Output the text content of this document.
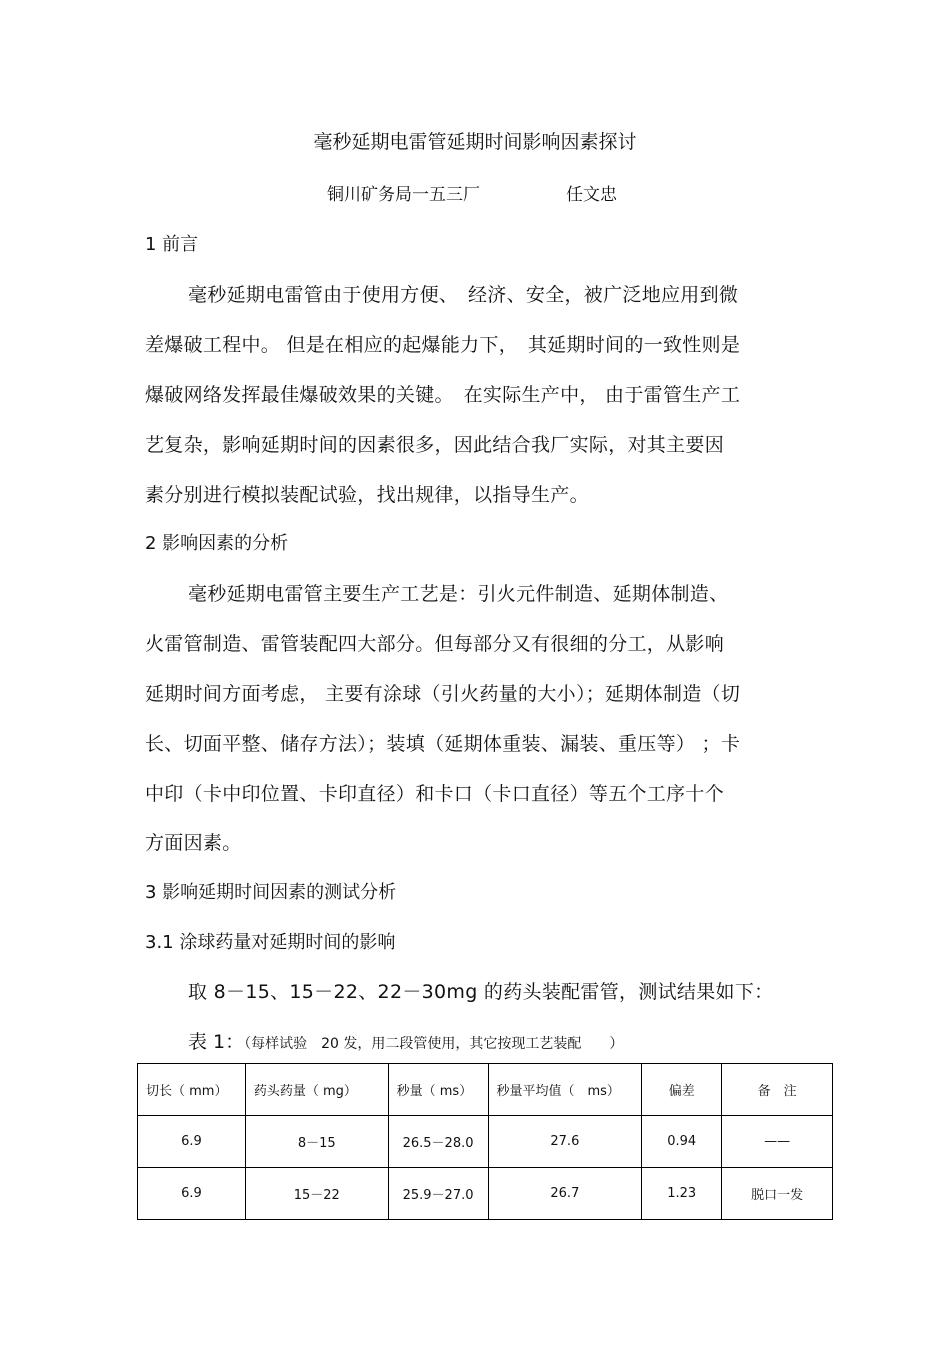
毫秒延期电雷管延期时间影响因素探讨
铜川矿务局一五三厂	任文忠
1 前言
毫秒延期电雷管由于使用方便、　经济、安全，被广泛地应用到微
差爆破工程中。 但是在相应的起爆能力下，　其延期时间的一致性则是
爆破网络发挥最佳爆破效果的关键。　在实际生产中， 由于雷管生产工
艺复杂，影响延期时间的因素很多，因此结合我厂实际，对其主要因
素分别进行模拟装配试验，找出规律，以指导生产。
2 影响因素的分析
毫秒延期电雷管主要生产工艺是：引火元件制造、延期体制造、
火雷管制造、雷管装配四大部分。但每部分又有很细的分工，从影响
延期时间方面考虑， 主要有涂球（引火药量的大小）；延期体制造（切
长、切面平整、储存方法）；装填（延期体重装、漏装、重压等） ；卡
中印（卡中印位置、卡印直径）和卡口（卡口直径）等五个工序十个
方面因素。
3 影响延期时间因素的测试分析
3.1 涂球药量对延期时间的影响
取 8－15、15－22、22－30mg 的药头装配雷管，测试结果如下：
表 1：（每样试验　20 发，用二段管使用，其它按现工艺装配　　）
切长（ mm）	药头药量（ mg）	秒量（ ms）	秒量平均值（　ms）	偏差	备　注
6.9	8－15	26.5－28.0	27.6	0.94	——
6.9	15－22	25.9－27.0	26.7	1.23	脱口一发
